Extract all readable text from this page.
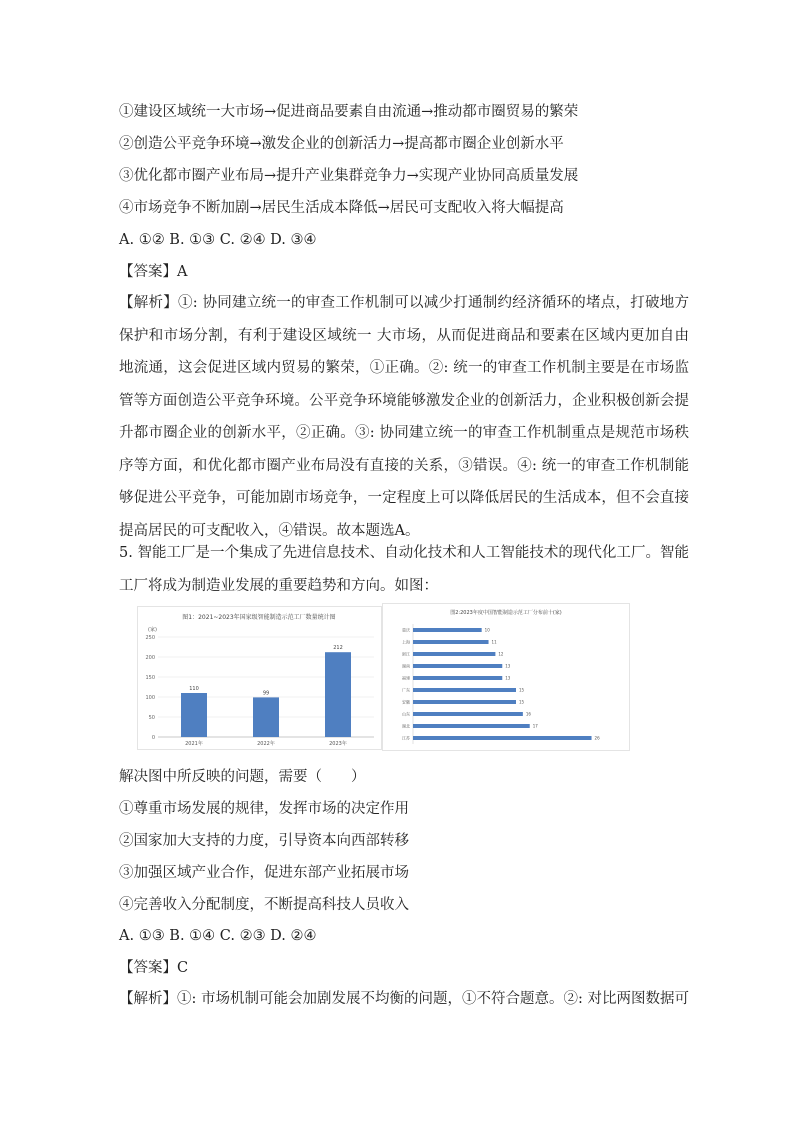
①建设区域统一大市场→促进商品要素自由流通→推动都市圈贸易的繁荣
②创造公平竞争环境→激发企业的创新活力→提高都市圈企业创新水平
③优化都市圈产业布局→提升产业集群竞争力→实现产业协同高质量发展
④市场竞争不断加剧→居民生活成本降低→居民可支配收入将大幅提高
A. ①② B. ①③ C. ②④ D. ③④
【答案】A
【解析】①: 协同建立统一的审查工作机制可以减少打通制约经济循环的堵点，打破地方保护和市场分割，有利于建设区域统一 大市场，从而促进商品和要素在区域内更加自由地流通，这会促进区域内贸易的繁荣，①正确。②: 统一的审查工作机制主要是在市场监管等方面创造公平竞争环境。公平竞争环境能够激发企业的创新活力，企业积极创新会提升都市圈企业的创新水平，②正确。③: 协同建立统一的审查工作机制重点是规范市场秩序等方面，和优化都市圈产业布局没有直接的关系，③错误。④: 统一的审查工作机制能够促进公平竞争，可能加剧市场竞争，一定程度上可以降低居民的生活成本，但不会直接提高居民的可支配收入，④错误。故本题选A。
5. 智能工厂是一个集成了先进信息技术、自动化技术和人工智能技术的现代化工厂。智能工厂将成为制造业发展的重要趋势和方向。如图：
图1：2021~2023年国家级智能制造示范工厂数量统计图
(家)
0
50
100
150
200
250
110
2021年
99
2022年
212
2023年
图2:2023年度中国智能制造示范工厂分布前十(家)
重庆	10
上海	11
浙江	12
湖南	13
福建	13
广东	15
安徽	15
山东	16
湖北	17
江苏	26
解决图中所反映的问题，需要（　　）
①尊重市场发展的规律，发挥市场的决定作用
②国家加大支持的力度，引导资本向西部转移
③加强区域产业合作，促进东部产业拓展市场
④完善收入分配制度，不断提高科技人员收入
A. ①③ B. ①④ C. ②③ D. ②④
【答案】C
【解析】①: 市场机制可能会加剧发展不均衡的问题，①不符合题意。②: 对比两图数据可
